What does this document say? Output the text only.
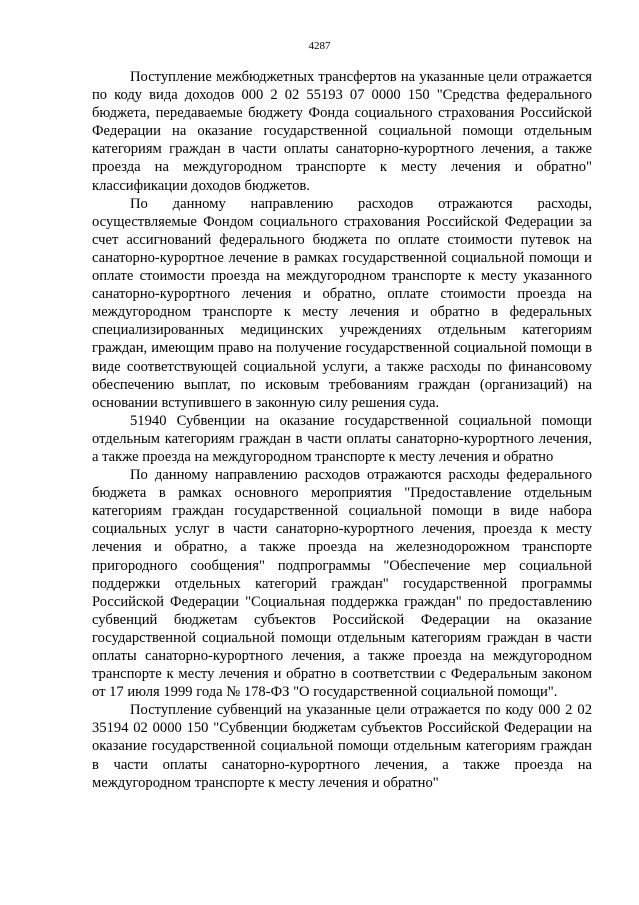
4287

Поступление межбюджетных трансфертов на указанные цели отражается по коду вида доходов 000 2 02 55193 07 0000 150 "Средства федерального бюджета, передаваемые бюджету Фонда социального страхования Российской Федерации на оказание государственной социальной помощи отдельным категориям граждан в части оплаты санаторно-курортного лечения, а также проезда на междугородном транспорте к месту лечения и обратно" классификации доходов бюджетов.

По данному направлению расходов отражаются расходы, осуществляемые Фондом социального страхования Российской Федерации за счет ассигнований федерального бюджета по оплате стоимости путевок на санаторно-курортное лечение в рамках государственной социальной помощи и оплате стоимости проезда на междугородном транспорте к месту указанного санаторно-курортного лечения и обратно, оплате стоимости проезда на междугородном транспорте к месту лечения и обратно в федеральных специализированных медицинских учреждениях отдельным категориям граждан, имеющим право на получение государственной социальной помощи в виде соответствующей социальной услуги, а также расходы по финансовому обеспечению выплат, по исковым требованиям граждан (организаций) на основании вступившего в законную силу решения суда.

51940 Субвенции на оказание государственной социальной помощи отдельным категориям граждан в части оплаты санаторно-курортного лечения, а также проезда на междугородном транспорте к месту лечения и обратно

По данному направлению расходов отражаются расходы федерального бюджета в рамках основного мероприятия "Предоставление отдельным категориям граждан государственной социальной помощи в виде набора социальных услуг в части санаторно-курортного лечения, проезда к месту лечения и обратно, а также проезда на железнодорожном транспорте пригородного сообщения" подпрограммы "Обеспечение мер социальной поддержки отдельных категорий граждан" государственной программы Российской Федерации "Социальная поддержка граждан" по предоставлению субвенций бюджетам субъектов Российской Федерации на оказание государственной социальной помощи отдельным категориям граждан в части оплаты санаторно-курортного лечения, а также проезда на междугородном транспорте к месту лечения и обратно в соответствии с Федеральным законом от 17 июля 1999 года № 178-ФЗ "О государственной социальной помощи".

Поступление субвенций на указанные цели отражается по коду 000 2 02 35194 02 0000 150 "Субвенции бюджетам субъектов Российской Федерации на оказание государственной социальной помощи отдельным категориям граждан в части оплаты санаторно-курортного лечения, а также проезда на междугородном транспорте к месту лечения и обратно"
